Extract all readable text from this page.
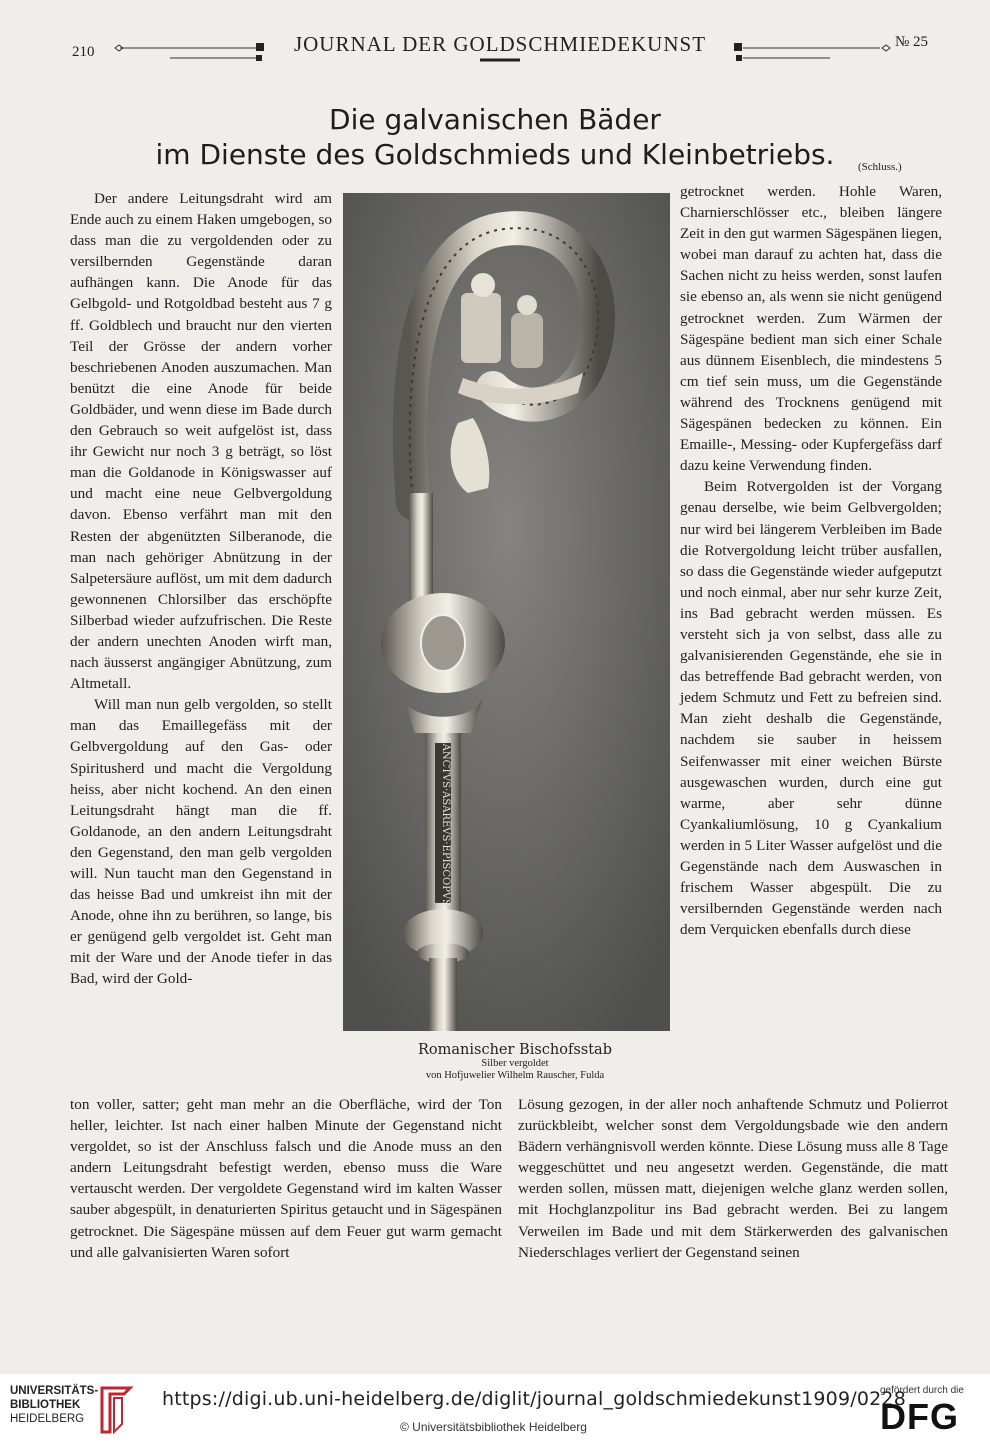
210	JOURNAL DER GOLDSCHMIEDEKUNST	№ 25
Die galvanischen Bäder
im Dienste des Goldschmieds und Kleinbetriebs.	(Schluss.)

Der andere Leitungsdraht wird am Ende auch zu einem Haken umgebogen, so dass man die zu vergoldenden oder zu versilbernden Gegenstände daran aufhängen kann. Die Anode für das Gelbgold- und Rotgoldbad besteht aus 7 g ff. Goldblech und braucht nur den vierten Teil der Grösse der andern vorher beschriebenen Anoden auszumachen. Man benützt die eine Anode für beide Goldbäder, und wenn diese im Bade durch den Gebrauch so weit aufgelöst ist, dass ihr Gewicht nur noch 3 g beträgt, so löst man die Goldanode in Königswasser auf und macht eine neue Gelbvergoldung davon. Ebenso verfährt man mit den Resten der abgenützten Silberanode, die man nach gehöriger Abnützung in der Salpetersäure auflöst, um mit dem dadurch gewonnenen Chlorsilber das erschöpfte Silberbad wieder aufzufrischen. Die Reste der andern unechten Anoden wirft man, nach äusserst angängiger Abnützung, zum Altmetall.

Will man nun gelb vergolden, so stellt man das Emaillegefäss mit der Gelbvergoldung auf den Gas- oder Spiritusherd und macht die Vergoldung heiss, aber nicht kochend. An den einen Leitungsdraht hängt man die ff. Goldanode, an den andern Leitungsdraht den Gegenstand, den man gelb vergolden will. Nun taucht man den Gegenstand in das heisse Bad und umkreist ihn mit der Anode, ohne ihn zu berühren, so lange, bis er genügend gelb vergoldet ist. Geht man mit der Ware und der Anode tiefer in das Bad, wird der Gold-

SANCTVS·ASAREVS·EPISCOPVS·
Romanischer Bischofsstab
Silber vergoldet
von Hofjuwelier Wilhelm Rauscher, Fulda

getrocknet werden. Hohle Waren, Charnierschlösser etc., bleiben längere Zeit in den gut warmen Sägespänen liegen, wobei man darauf zu achten hat, dass die Sachen nicht zu heiss werden, sonst laufen sie ebenso an, als wenn sie nicht genügend getrocknet werden. Zum Wärmen der Sägespäne bedient man sich einer Schale aus dünnem Eisenblech, die mindestens 5 cm tief sein muss, um die Gegenstände während des Trocknens genügend mit Sägespänen bedecken zu können. Ein Emaille-, Messing- oder Kupfergefäss darf dazu keine Verwendung finden.

Beim Rotvergolden ist der Vorgang genau derselbe, wie beim Gelbvergolden; nur wird bei längerem Verbleiben im Bade die Rotvergoldung leicht trüber ausfallen, so dass die Gegenstände wieder aufgeputzt und noch einmal, aber nur sehr kurze Zeit, ins Bad gebracht werden müssen. Es versteht sich ja von selbst, dass alle zu galvanisierenden Gegenstände, ehe sie in das betreffende Bad gebracht werden, von jedem Schmutz und Fett zu befreien sind. Man zieht deshalb die Gegenstände, nachdem sie sauber in heissem Seifenwasser mit einer weichen Bürste ausgewaschen wurden, durch eine gut warme, aber sehr dünne Cyankaliumlösung, 10 g Cyankalium werden in 5 Liter Wasser aufgelöst und die Gegenstände nach dem Auswaschen in frischem Wasser abgespült. Die zu versilbernden Gegenstände werden nach dem Verquicken ebenfalls durch diese

ton voller, satter; geht man mehr an die Oberfläche, wird der Ton heller, leichter. Ist nach einer halben Minute der Gegenstand nicht vergoldet, so ist der Anschluss falsch und die Anode muss an den andern Leitungsdraht befestigt werden, ebenso muss die Ware vertauscht werden. Der vergoldete Gegenstand wird im kalten Wasser sauber abgespült, in denaturierten Spiritus getaucht und in Sägespänen getrocknet. Die Sägespäne müssen auf dem Feuer gut warm gemacht und alle galvanisierten Waren sofort

Lösung gezogen, in der aller noch anhaftende Schmutz und Polierrot zurückbleibt, welcher sonst dem Vergoldungsbade wie den andern Bädern verhängnisvoll werden könnte. Diese Lösung muss alle 8 Tage weggeschüttet und neu angesetzt werden. Gegenstände, die matt werden sollen, müssen matt, diejenigen welche glanz werden sollen, mit Hochglanzpolitur ins Bad gebracht werden. Bei zu langem Verweilen im Bade und mit dem Stärkerwerden des galvanischen Niederschlages verliert der Gegenstand seinen

UNIVERSITÄTS-
BIBLIOTHEK
HEIDELBERG
https://digi.ub.uni-heidelberg.de/diglit/journal_goldschmiedekunst1909/0228
© Universitätsbibliothek Heidelberg
gefördert durch die
DFG
